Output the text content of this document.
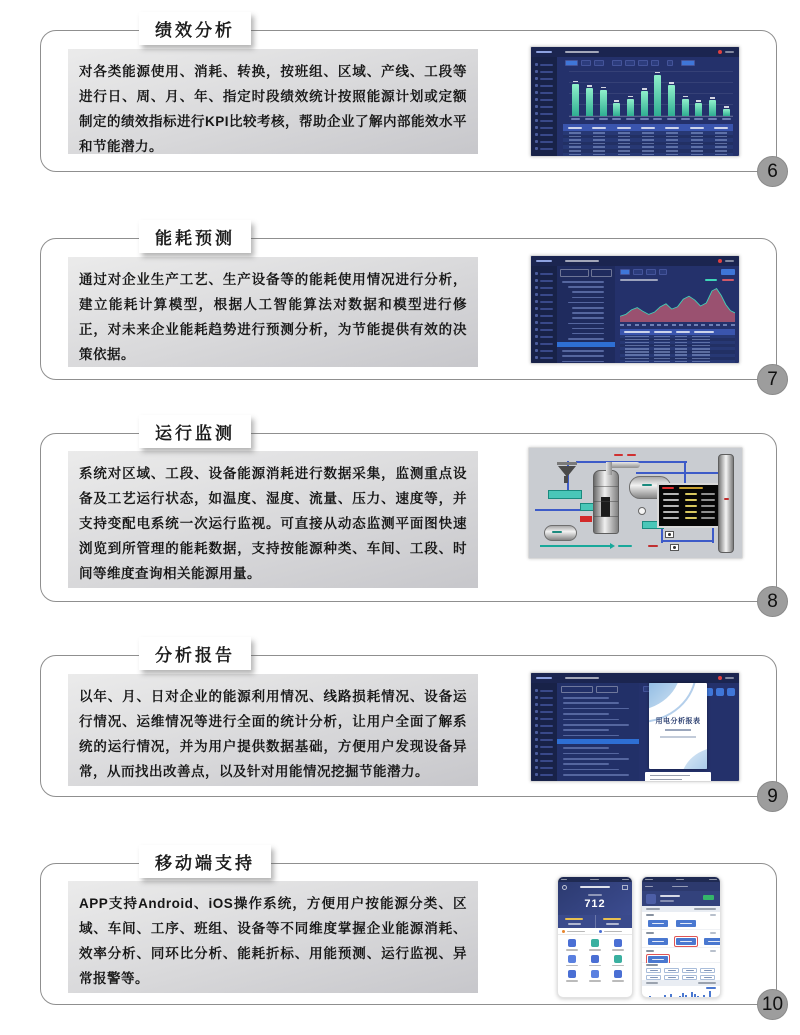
绩效分析
对各类能源使用、消耗、转换，按班组、区域、产线、工段等进行日、周、月、年、指定时段绩效统计按照能源计划或定额制定的绩效指标进行KPI比较考核，帮助企业了解内部能效水平和节能潜力。
6
能耗预测
通过对企业生产工艺、生产设备等的能耗使用情况进行分析，建立能耗计算模型，根据人工智能算法对数据和模型进行修正，对未来企业能耗趋势进行预测分析，为节能提供有效的决策依据。
7
运行监测
系统对区域、工段、设备能源消耗进行数据采集，监测重点设备及工艺运行状态，如温度、湿度、流量、压力、速度等，并支持变配电系统一次运行监视。可直接从动态监测平面图快速浏览到所管理的能耗数据，支持按能源种类、车间、工段、时间等维度查询相关能源用量。
8
分析报告
以年、月、日对企业的能源利用情况、线路损耗情况、设备运行情况、运维情况等进行全面的统计分析，让用户全面了解系统的运行情况，并为用户提供数据基础，方便用户发现设备异常，从而找出改善点，以及针对用能情况挖掘节能潜力。
用电分析报表
9
移动端支持
APP支持Android、iOS操作系统，方便用户按能源分类、区域、车间、工序、班组、设备等不同维度掌握企业能源消耗、效率分析、同环比分析、能耗折标、用能预测、运行监视、异常报警等。
712
10
